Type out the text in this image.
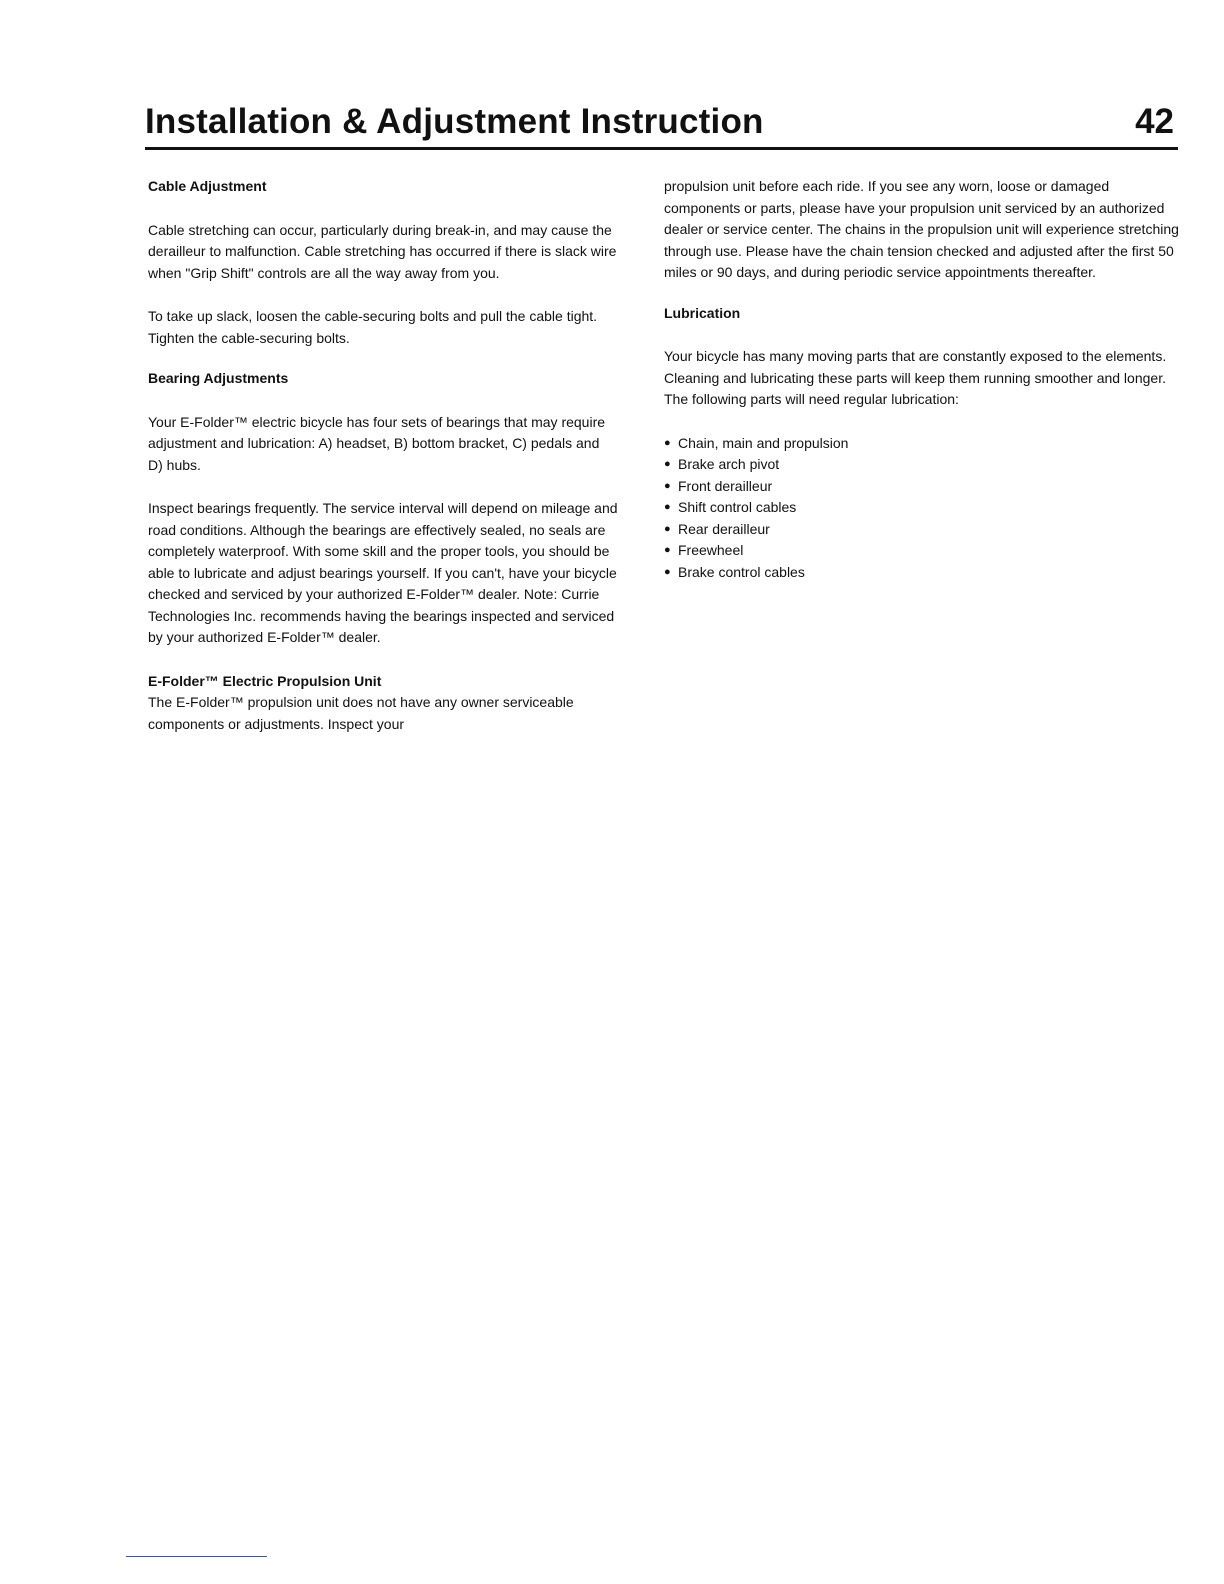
Installation & Adjustment Instruction	42
Cable Adjustment

Cable stretching can occur, particularly during break-in, and may cause the derailleur to malfunction. Cable stretching has occurred if there is slack wire when "Grip Shift" controls are all the way away from you.

To take up slack, loosen the cable-securing bolts and pull the cable tight. Tighten the cable-securing bolts.

Bearing Adjustments

Your E-Folder™ electric bicycle has four sets of bearings that may require adjustment and lubrication: A) headset, B) bottom bracket, C) pedals and D) hubs.

Inspect bearings frequently. The service interval will depend on mileage and road conditions. Although the bearings are effectively sealed, no seals are completely waterproof. With some skill and the proper tools, you should be able to lubricate and adjust bearings yourself. If you can't, have your bicycle checked and serviced by your authorized E-Folder™ dealer. Note: Currie Technologies Inc. recommends having the bearings inspected and serviced by your authorized E-Folder™ dealer.

E-Folder™ Electric Propulsion Unit

The E-Folder™ propulsion unit does not have any owner serviceable components or adjustments. Inspect your

propulsion unit before each ride. If you see any worn, loose or damaged components or parts, please have your propulsion unit serviced by an authorized dealer or service center. The chains in the propulsion unit will experience stretching through use. Please have the chain tension checked and adjusted after the first 50 miles or 90 days, and during periodic service appointments thereafter.

Lubrication

Your bicycle has many moving parts that are constantly exposed to the elements. Cleaning and lubricating these parts will keep them running smoother and longer. The following parts will need regular lubrication:

● Chain, main and propulsion
● Brake arch pivot
● Front derailleur
● Shift control cables
● Rear derailleur
● Freewheel
● Brake control cables
